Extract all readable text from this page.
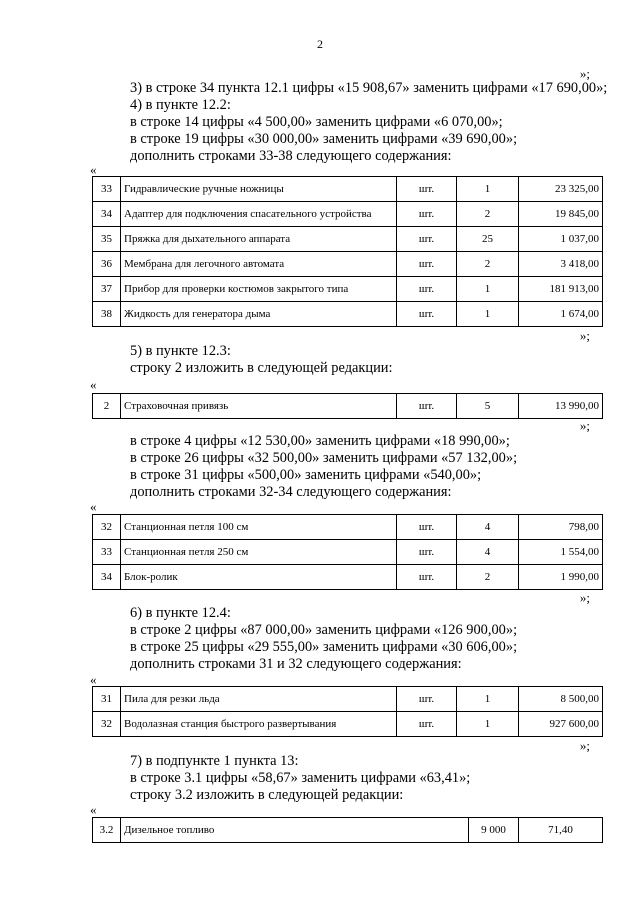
2
»;
3) в строке 34 пункта 12.1 цифры «15 908,67» заменить цифрами «17 690,00»;
4) в пункте 12.2:
в строке 14 цифры «4 500,00» заменить цифрами «6 070,00»;
в строке 19 цифры «30 000,00» заменить цифрами «39 690,00»;
дополнить строками 33-38 следующего содержания:
«
33	Гидравлические ручные ножницы	шт.	1	23 325,00
34	Адаптер для подключения спасательного устройства	шт.	2	19 845,00
35	Пряжка для дыхательного аппарата	шт.	25	1 037,00
36	Мембрана для легочного автомата	шт.	2	3 418,00
37	Прибор для проверки костюмов закрытого типа	шт.	1	181 913,00
38	Жидкость для генератора дыма	шт.	1	1 674,00
»;
5) в пункте 12.3:
строку 2 изложить в следующей редакции:
«
2	Страховочная привязь	шт.	5	13 990,00
»;
в строке 4 цифры «12 530,00» заменить цифрами «18 990,00»;
в строке 26 цифры «32 500,00» заменить цифрами «57 132,00»;
в строке 31 цифры «500,00» заменить цифрами «540,00»;
дополнить строками 32-34 следующего содержания:
«
32	Станционная петля 100 см	шт.	4	798,00
33	Станционная петля 250 см	шт.	4	1 554,00
34	Блок-ролик	шт.	2	1 990,00
»;
6) в пункте 12.4:
в строке 2 цифры «87 000,00» заменить цифрами «126 900,00»;
в строке 25 цифры «29 555,00» заменить цифрами «30 606,00»;
дополнить строками 31 и 32 следующего содержания:
«
31	Пила для резки льда	шт.	1	8 500,00
32	Водолазная станция быстрого развертывания	шт.	1	927 600,00
»;
7) в подпункте 1 пункта 13:
в строке 3.1 цифры «58,67» заменить цифрами «63,41»;
строку 3.2 изложить в следующей редакции:
«
3.2	Дизельное топливо	9 000	71,40
